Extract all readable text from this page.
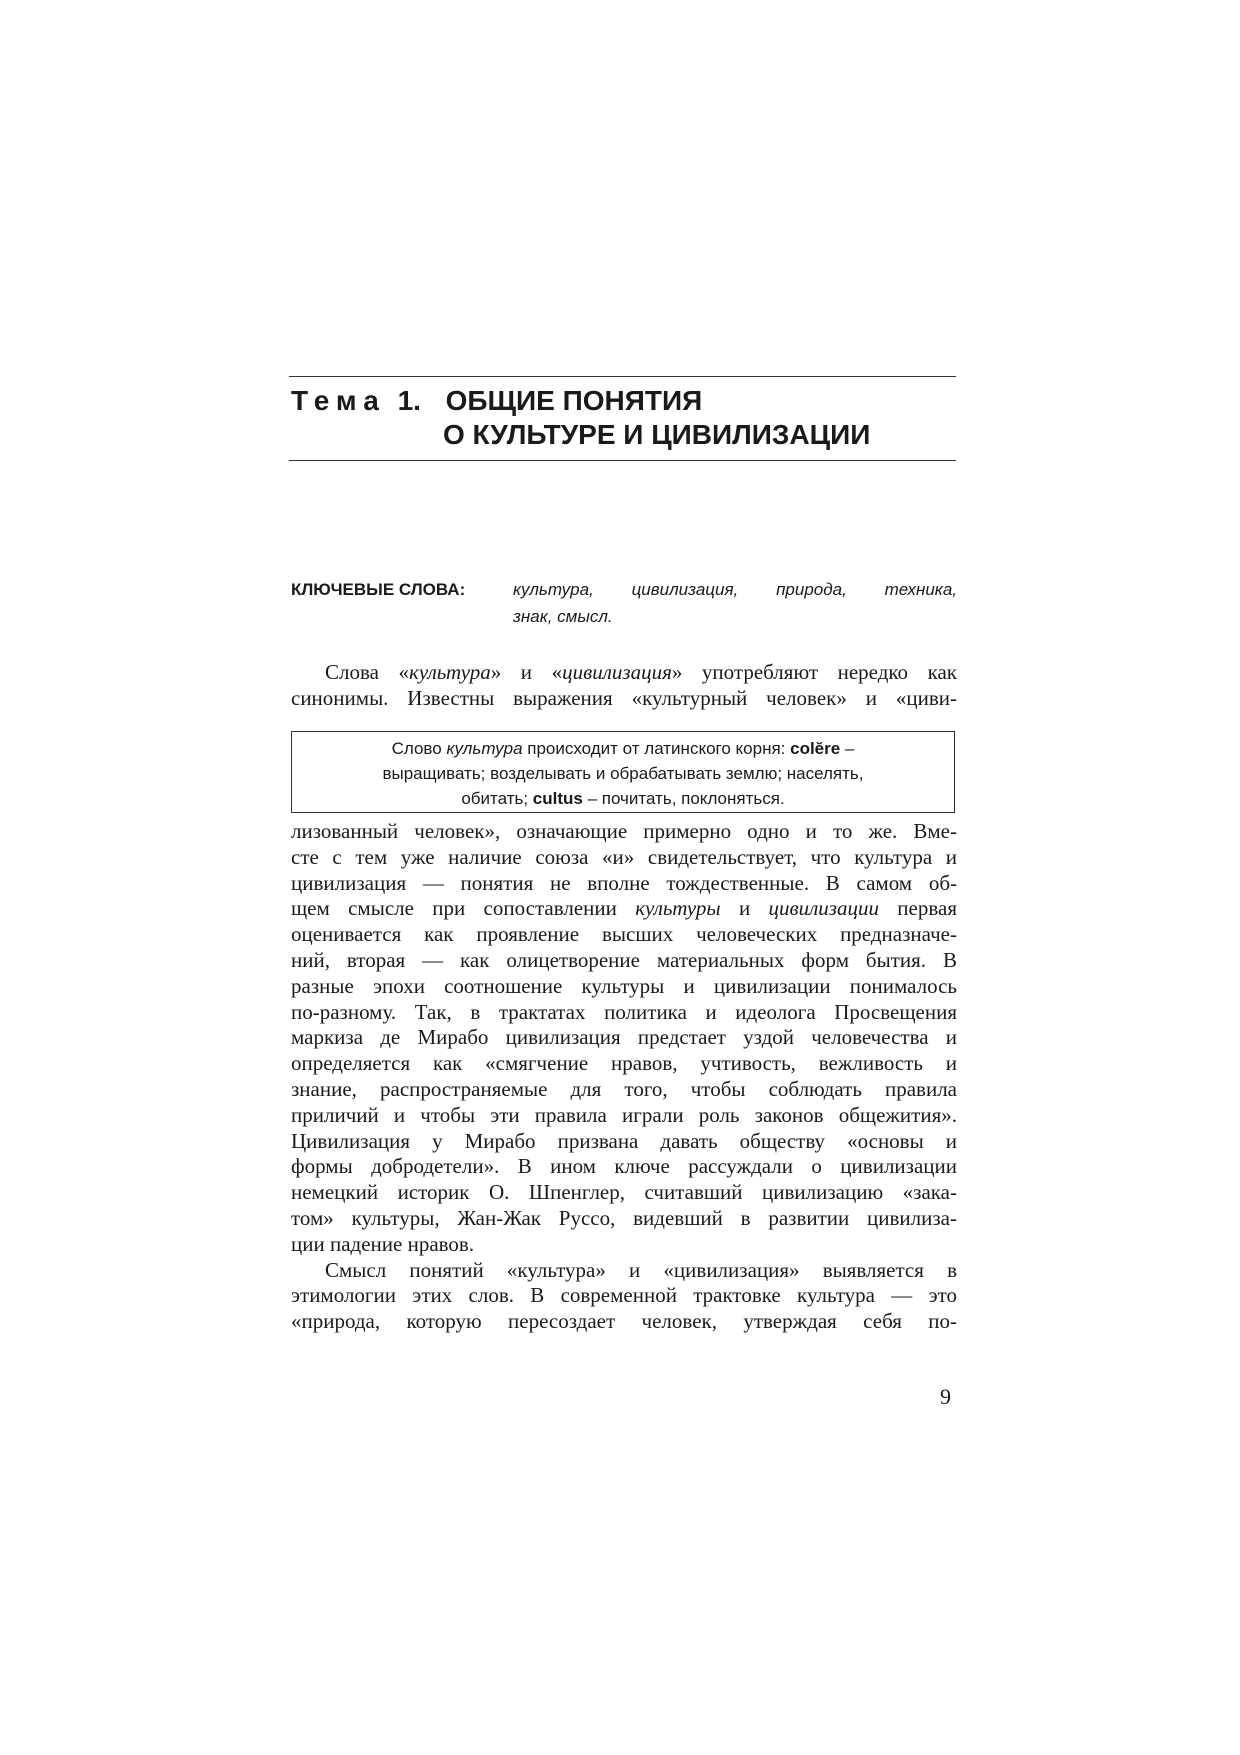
Тема 1. ОБЩИЕ ПОНЯТИЯ
О КУЛЬТУРЕ И ЦИВИЛИЗАЦИИ
КЛЮЧЕВЫЕ СЛОВА:	культура, цивилизация, природа, техника,
знак, смысл.

Слова «культура» и «цивилизация» употребляют нередко как
синонимы. Известны выражения «культурный человек» и «циви-

Слово культура происходит от латинского корня: colĕre –
выращивать; возделывать и обрабатывать землю; населять,
обитать; cultus – почитать, поклоняться.

лизованный человек», означающие примерно одно и то же. Вме-
сте с тем уже наличие союза «и» свидетельствует, что культура и
цивилизация — понятия не вполне тождественные. В самом об-
щем смысле при сопоставлении культуры и цивилизации первая
оценивается как проявление высших человеческих предназначе-
ний, вторая — как олицетворение материальных форм бытия. В
разные эпохи соотношение культуры и цивилизации понималось
по-разному. Так, в трактатах политика и идеолога Просвещения
маркиза де Мирабо цивилизация предстает уздой человечества и
определяется как «смягчение нравов, учтивость, вежливость и
знание, распространяемые для того, чтобы соблюдать правила
приличий и чтобы эти правила играли роль законов общежития».
Цивилизация у Мирабо призвана давать обществу «основы и
формы добродетели». В ином ключе рассуждали о цивилизации
немецкий историк О. Шпенглер, считавший цивилизацию «зака-
том» культуры, Жан-Жак Руссо, видевший в развитии цивилиза-
ции падение нравов.
Смысл понятий «культура» и «цивилизация» выявляется в
этимологии этих слов. В современной трактовке культура — это
«природа, которую пересоздает человек, утверждая себя по-

9
